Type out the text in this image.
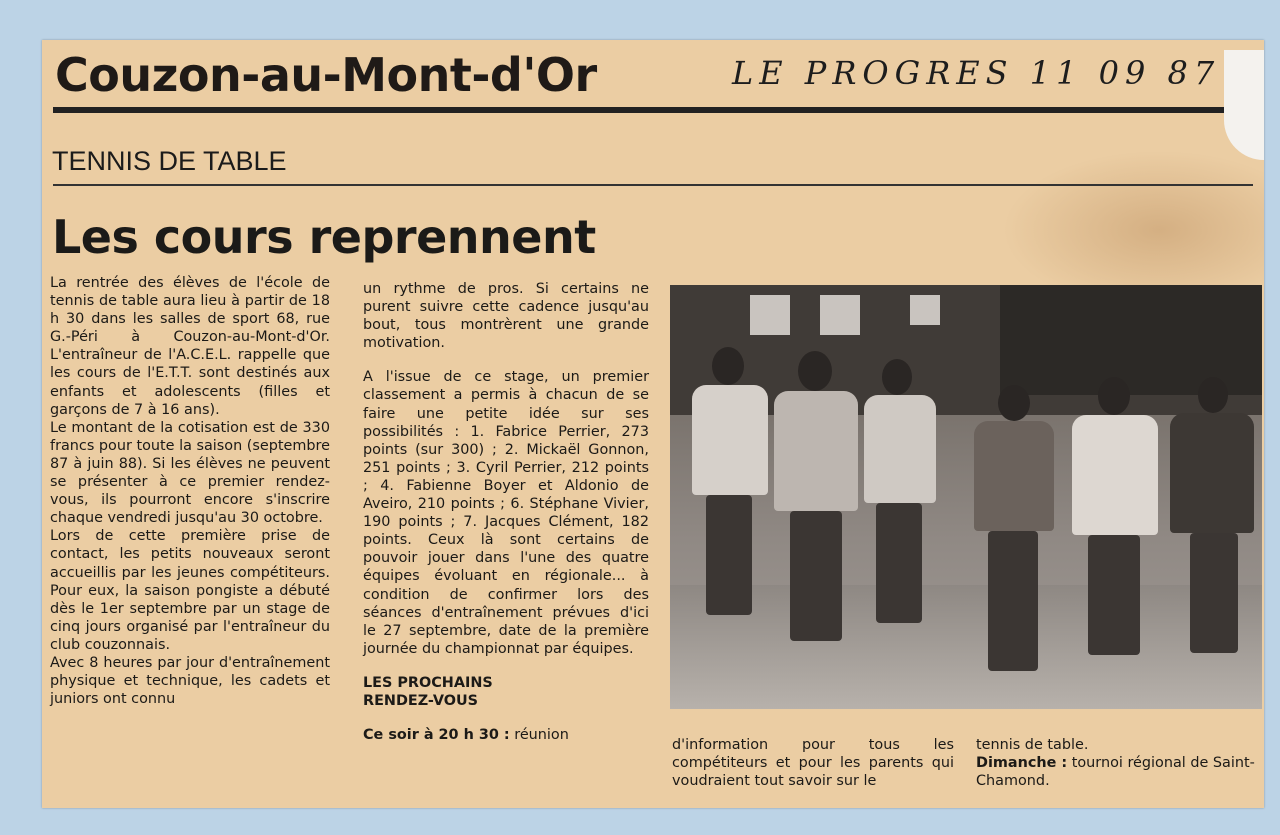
Couzon-au-Mont-d'Or	LE PROGRES 11 09 87
TENNIS DE TABLE
Les cours reprennent

La rentrée des élèves de l'école de tennis de table aura lieu à partir de 18 h 30 dans les salles de sport 68, rue G.-Péri à Couzon-au-Mont-d'Or. L'entraîneur de l'A.C.E.L. rappelle que les cours de l'E.T.T. sont destinés aux enfants et adolescents (filles et garçons de 7 à 16 ans).

Le montant de la cotisation est de 330 francs pour toute la saison (septembre 87 à juin 88). Si les élèves ne peuvent se présenter à ce premier rendez-vous, ils pourront encore s'inscrire chaque vendredi jusqu'au 30 octobre.

Lors de cette première prise de contact, les petits nouveaux seront accueillis par les jeunes compétiteurs. Pour eux, la saison pongiste a débuté dès le 1er septembre par un stage de cinq jours organisé par l'entraîneur du club couzonnais.

Avec 8 heures par jour d'entraînement physique et technique, les cadets et juniors ont connu

un rythme de pros. Si certains ne purent suivre cette cadence jusqu'au bout, tous montrèrent une grande motivation.

A l'issue de ce stage, un premier classement a permis à chacun de se faire une petite idée sur ses possibilités : 1. Fabrice Perrier, 273 points (sur 300) ; 2. Mickaël Gonnon, 251 points ; 3. Cyril Perrier, 212 points ; 4. Fabienne Boyer et Aldonio de Aveiro, 210 points ; 6. Stéphane Vivier, 190 points ; 7. Jacques Clément, 182 points. Ceux là sont certains de pouvoir jouer dans l'une des quatre équipes évoluant en régionale... à condition de confirmer lors des séances d'entraînement prévues d'ici le 27 septembre, date de la première journée du championnat par équipes.

LES PROCHAINS
RENDEZ-VOUS

Ce soir à 20 h 30 : réunion

d'information pour tous les compétiteurs et pour les parents qui voudraient tout savoir sur le

tennis de table.

Dimanche : tournoi régional de Saint-Chamond.
